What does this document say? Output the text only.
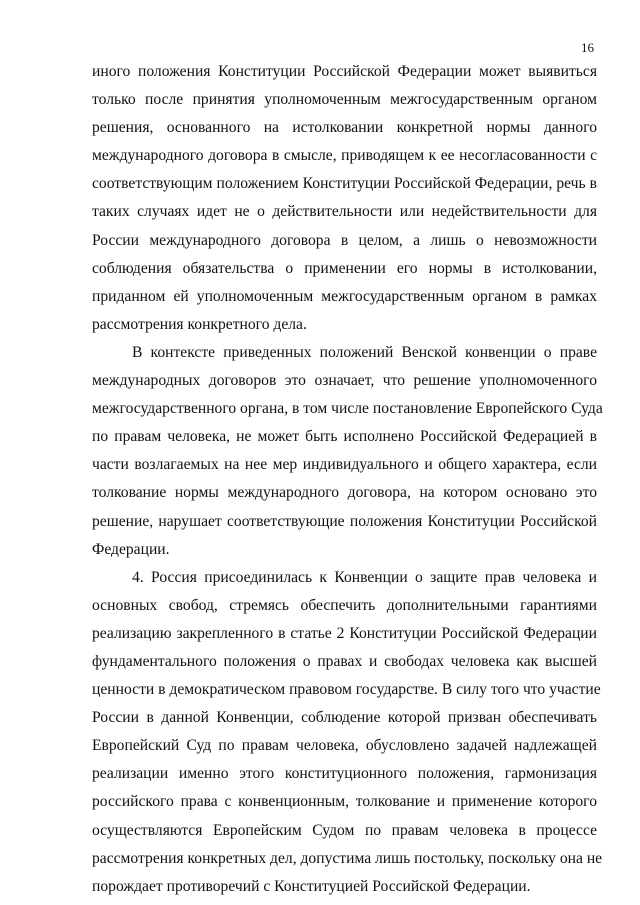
16
иного положения Конституции Российской Федерации может выявиться
только после принятия уполномоченным межгосударственным органом
решения, основанного на истолковании конкретной нормы данного
международного договора в смысле, приводящем к ее несогласованности с
соответствующим положением Конституции Российской Федерации, речь в
таких случаях идет не о действительности или недействительности для
России международного договора в целом, а лишь о невозможности
соблюдения обязательства о применении его нормы в истолковании,
приданном ей уполномоченным межгосударственным органом в рамках
рассмотрения конкретного дела.
В контексте приведенных положений Венской конвенции о праве
международных договоров это означает, что решение уполномоченного
межгосударственного органа, в том числе постановление Европейского Суда
по правам человека, не может быть исполнено Российской Федерацией в
части возлагаемых на нее мер индивидуального и общего характера, если
толкование нормы международного договора, на котором основано это
решение, нарушает соответствующие положения Конституции Российской
Федерации.
4. Россия присоединилась к Конвенции о защите прав человека и
основных свобод, стремясь обеспечить дополнительными гарантиями
реализацию закрепленного в статье 2 Конституции Российской Федерации
фундаментального положения о правах и свободах человека как высшей
ценности в демократическом правовом государстве. В силу того что участие
России в данной Конвенции, соблюдение которой призван обеспечивать
Европейский Суд по правам человека, обусловлено задачей надлежащей
реализации именно этого конституционного положения, гармонизация
российского права с конвенционным, толкование и применение которого
осуществляются Европейским Судом по правам человека в процессе
рассмотрения конкретных дел, допустима лишь постольку, поскольку она не
порождает противоречий с Конституцией Российской Федерации.
